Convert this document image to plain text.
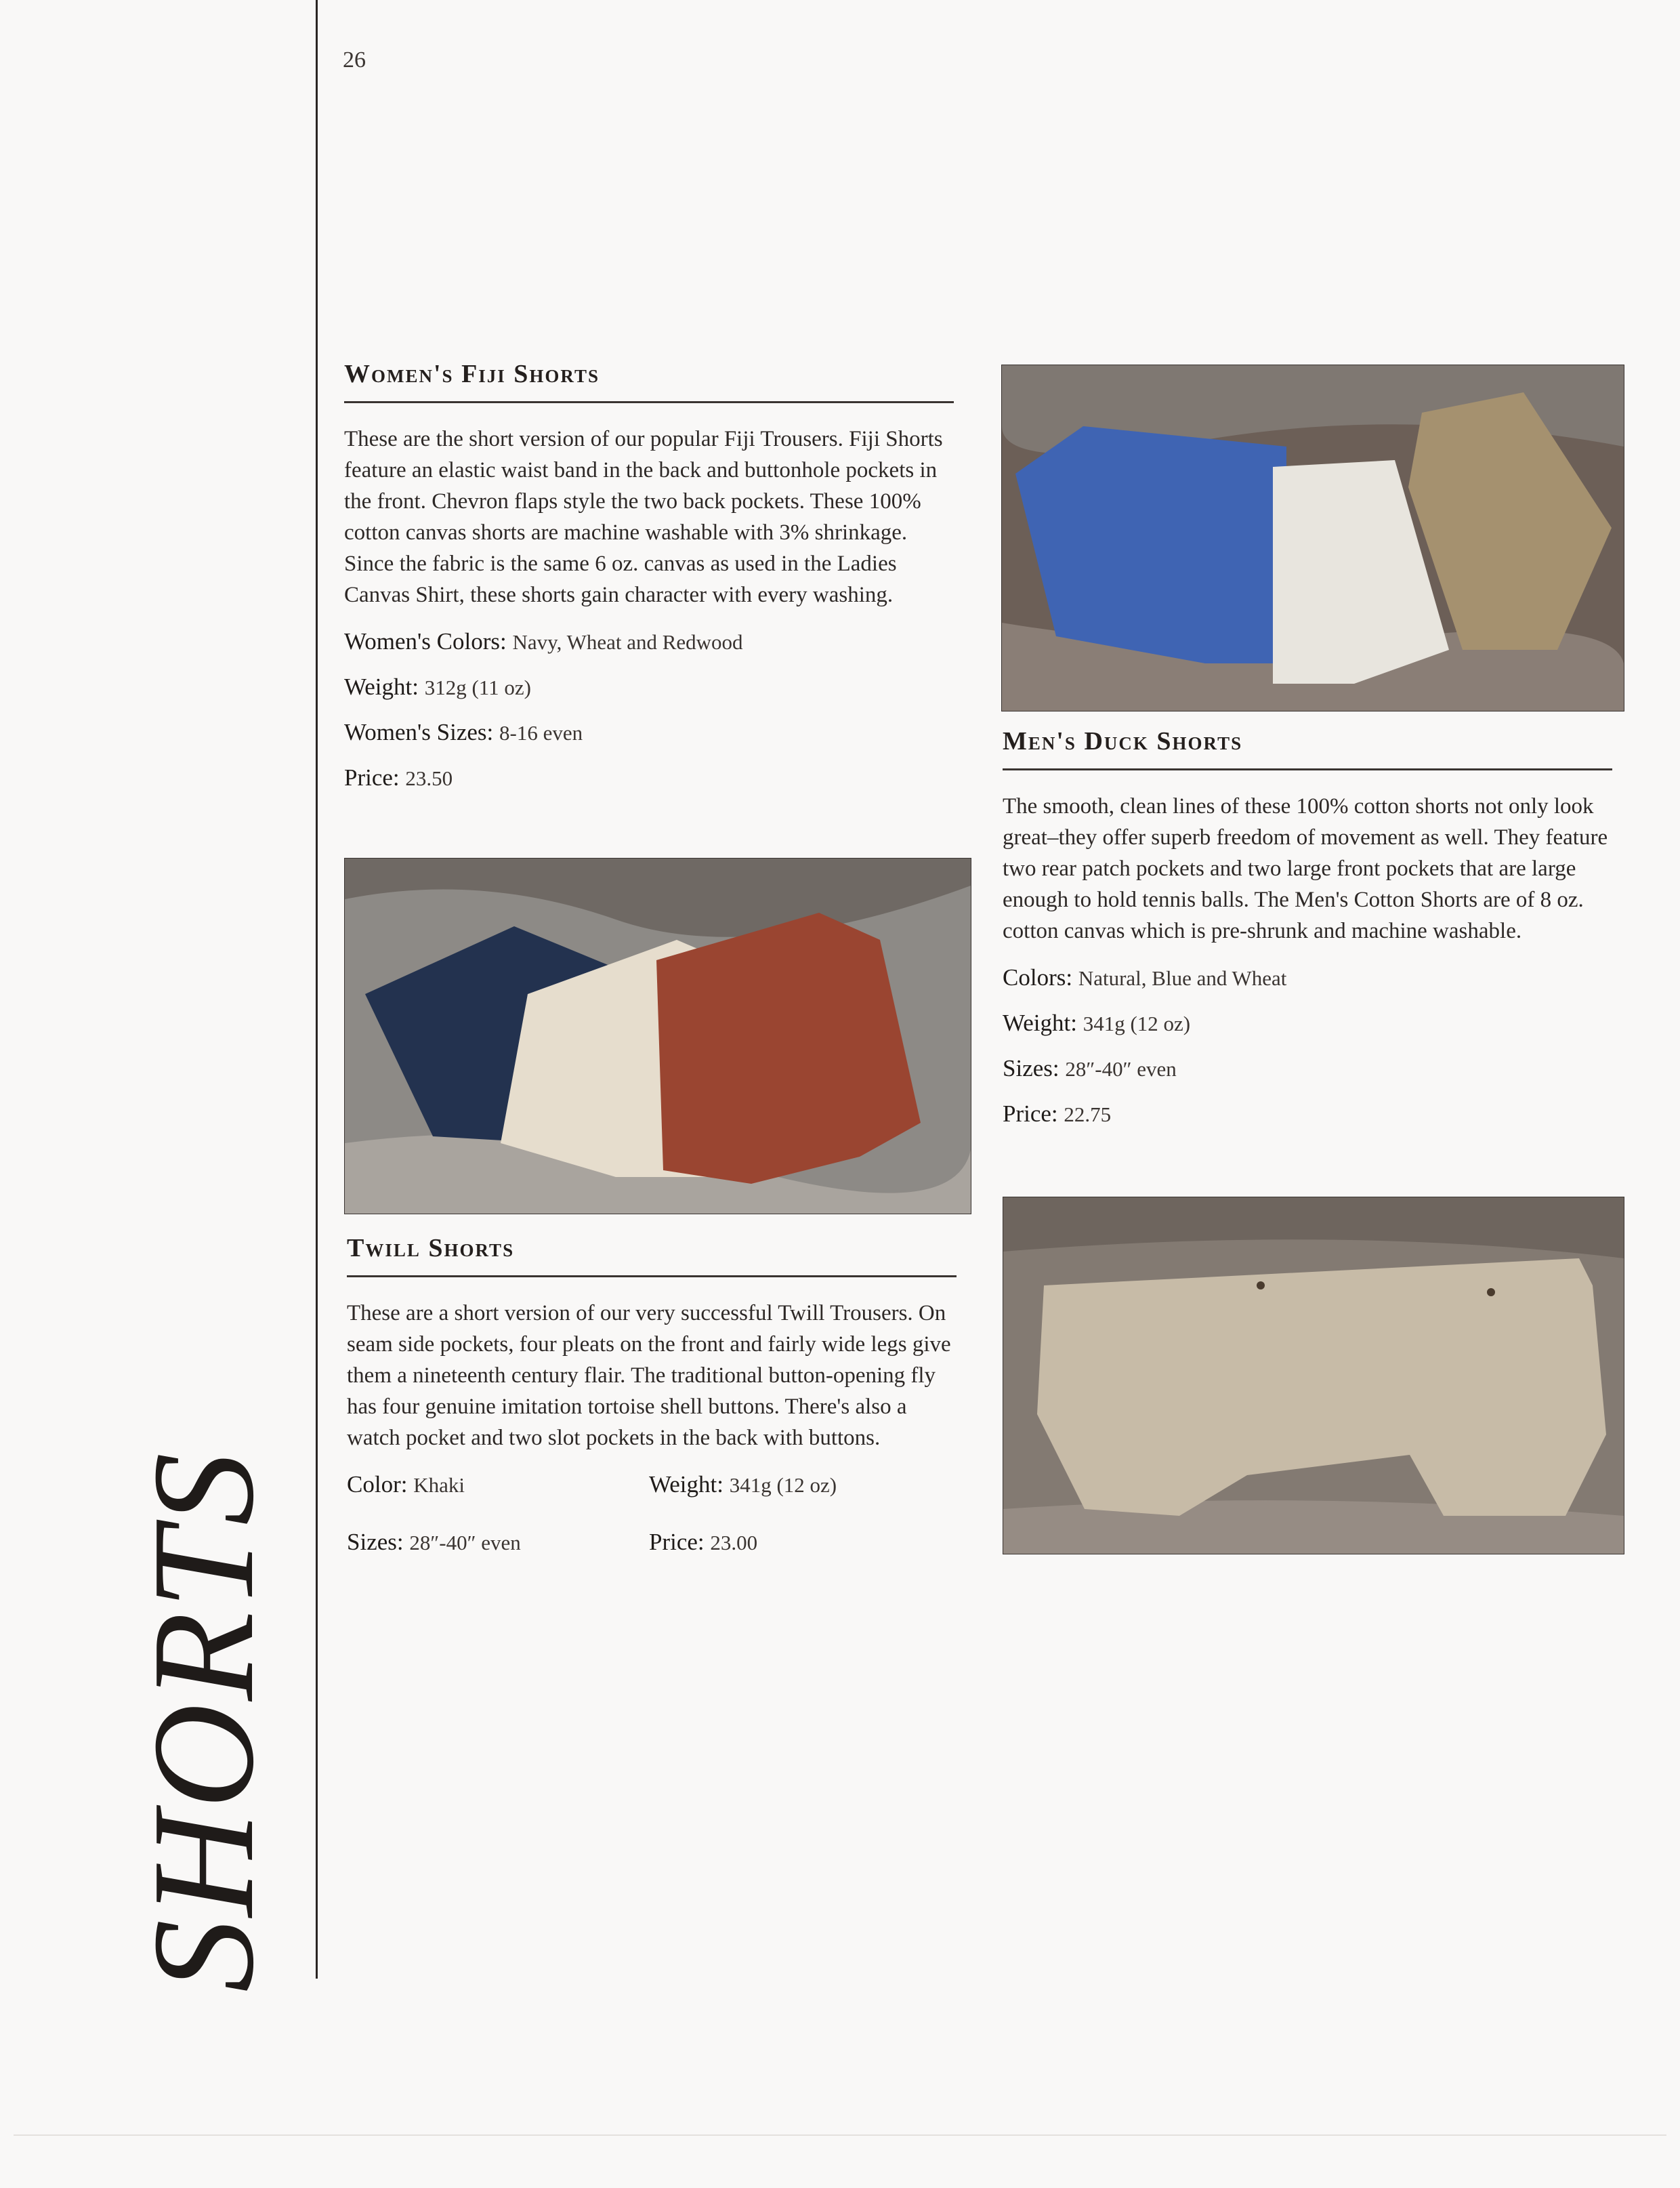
26
SHORTS
Women's Fiji Shorts

These are the short version of our popular Fiji Trousers. Fiji Shorts feature an elastic waist band in the back and buttonhole pockets in the front. Chevron flaps style the two back pockets. These 100% cotton canvas shorts are machine washable with 3% shrinkage. Since the fabric is the same 6 oz. canvas as used in the Ladies Canvas Shirt, these shorts gain character with every washing.

Women's Colors: Navy, Wheat and Redwood
Weight: 312g (11 oz)
Women's Sizes: 8-16 even
Price: 23.50
Twill Shorts

These are a short version of our very successful Twill Trousers. On seam side pockets, four pleats on the front and fairly wide legs give them a nineteenth century flair. The traditional button-opening fly has four genuine imitation tortoise shell buttons. There's also a watch pocket and two slot pockets in the back with buttons.

Color: Khaki	Weight: 341g (12 oz)
Sizes: 28″-40″ even	Price: 23.00
Men's Duck Shorts

The smooth, clean lines of these 100% cotton shorts not only look great–they offer superb freedom of movement as well. They feature two rear patch pockets and two large front pockets that are large enough to hold tennis balls. The Men's Cotton Shorts are of 8 oz. cotton canvas which is pre-shrunk and machine washable.

Colors: Natural, Blue and Wheat
Weight: 341g (12 oz)
Sizes: 28″-40″ even
Price: 22.75
